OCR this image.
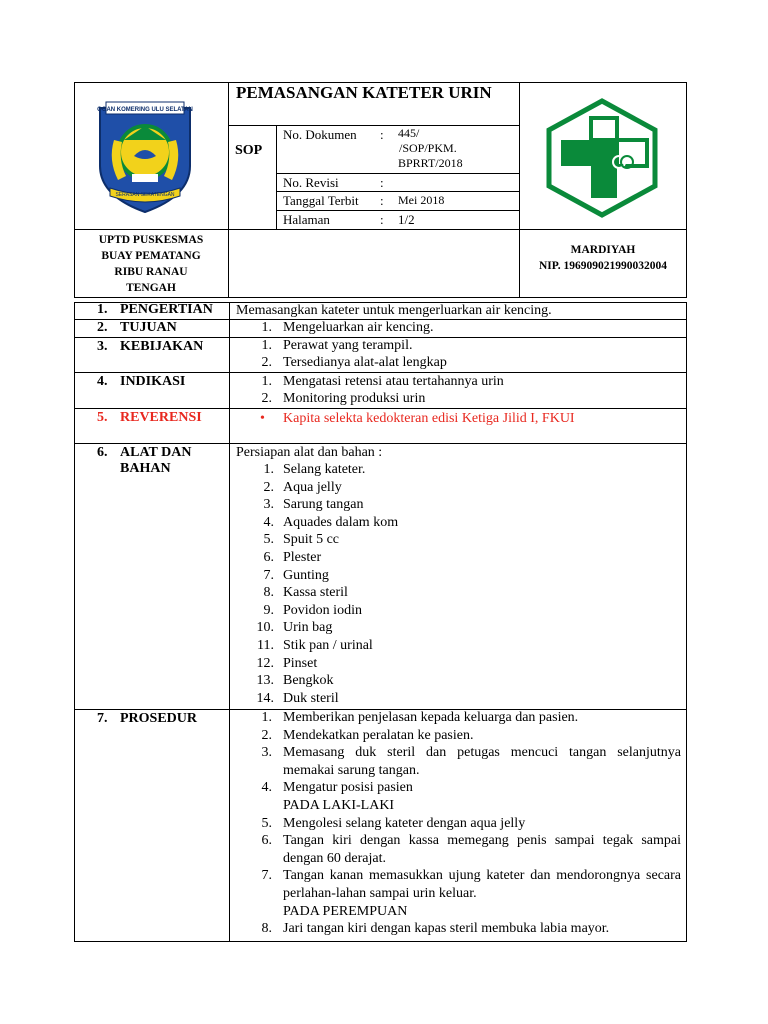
OGAN KOMERING ULU SELATAN
SERASAN SEKATENGAN
PEMASANGAN KATETER URIN
SOP
No. Dokumen : 445/
/SOP/PKM.
BPRRT/2018
No. Revisi	:
Tanggal Terbit : Mei 2018
Halaman	: 1/2
UPTD PUSKESMAS
BUAY PEMATANG
RIBU RANAU
TENGAH
MARDIYAH
NIP. 196909021990032004
1. PENGERTIAN Memasangkan kateter untuk mengerluarkan air kencing.
2. TUJUAN	1. Mengeluarkan air kencing.
3. KEBIJAKAN	1. Perawat yang terampil.
2. Tersedianya alat-alat lengkap
4. INDIKASI	1. Mengatasi retensi atau tertahannya urin
2. Monitoring produksi urin
5. REVERENSI	• Kapita selekta kedokteran edisi Ketiga Jilid I, FKUI
6. ALAT DAN
BAHAN
Persiapan alat dan bahan :
1. Selang kateter.
2. Aqua jelly
3. Sarung tangan
4. Aquades dalam kom
5. Spuit 5 cc
6. Plester
7. Gunting
8. Kassa steril
9. Povidon iodin
10. Urin bag
11. Stik pan / urinal
12. Pinset
13. Bengkok
14. Duk steril
7. PROSEDUR	1. Memberikan penjelasan kepada keluarga dan pasien.
2. Mendekatkan peralatan ke pasien.
3. Memasang duk steril dan petugas mencuci tangan selanjutnya
memakai sarung tangan.
4. Mengatur posisi pasien
PADA LAKI-LAKI
5. Mengolesi selang kateter dengan aqua jelly
6. Tangan kiri dengan kassa memegang penis sampai tegak sampai
dengan 60 derajat.
7. Tangan kanan memasukkan ujung kateter dan mendorongnya secara
perlahan-lahan sampai urin keluar.
PADA PEREMPUAN
8. Jari tangan kiri dengan kapas steril membuka labia mayor.
